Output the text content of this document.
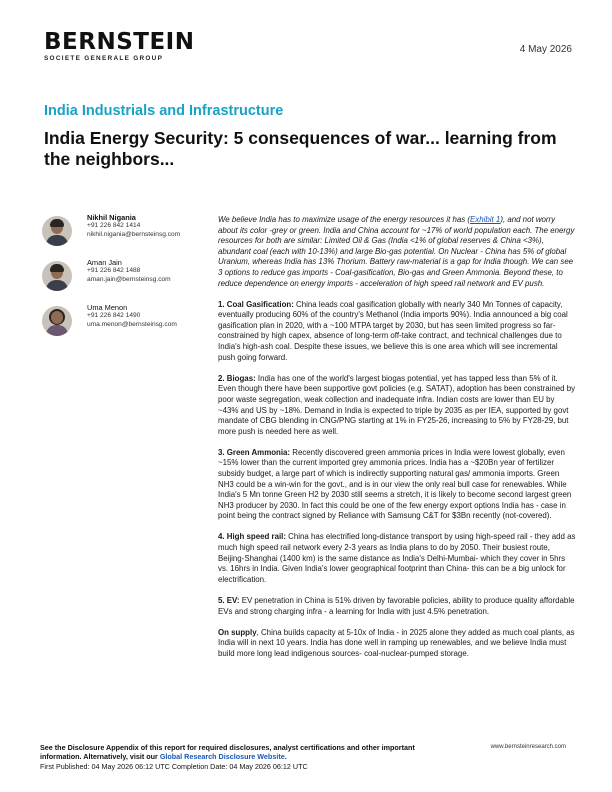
BERNSTEIN
SOCIETE GENERALE GROUP
4 May 2026
India Industrials and Infrastructure
India Energy Security: 5 consequences of war... learning from the neighbors...
Nikhil Nigania
+91 226 842 1414
nikhil.nigania@bernsteinsg.com
Aman Jain
+91 226 842 1488
aman.jain@bernsteinsg.com
Uma Menon
+91 226 842 1490
uma.menon@bernsteinsg.com
We believe India has to maximize usage of the energy resources it has (Exhibit 1), and not worry about its color -grey or green. India and China account for ~17% of world population each. The energy resources for both are similar: Limited Oil & Gas (India <1% of global reserves & China <3%), abundant coal (each with 10-13%) and large Bio-gas potential. On Nuclear - China has 5% of global Uranium, whereas India has 13% Thorium. Battery raw-material is a gap for India though. We can see 3 options to reduce gas imports - Coal-gasification, Bio-gas and Green Ammonia. Beyond these, to reduce dependence on energy imports - acceleration of high speed rail network and EV push.
1. Coal Gasification: China leads coal gasification globally with nearly 340 Mn Tonnes of capacity, eventually producing 60% of the country's Methanol (India imports 90%). India announced a big coal gasification plan in 2020, with a ~100 MTPA target by 2030, but has seen limited progress so far- constrained by high capex, absence of long-term off-take contract, and technical challenges due to India's high-ash coal. Despite these issues, we believe this is one area which will see incremental push going forward.
2. Biogas: India has one of the world's largest biogas potential, yet has tapped less than 5% of it. Even though there have been supportive govt policies (e.g. SATAT), adoption has been constrained by poor waste segregation, weak collection and inadequate infra. Indian costs are lower than EU by ~43% and US by ~18%. Demand in India is expected to triple by 2035 as per IEA, supported by govt mandate of CBG blending in CNG/PNG starting at 1% in FY25-26, increasing to 5% by FY28-29, but more push is needed here as well.
3. Green Ammonia: Recently discovered green ammonia prices in India were lowest globally, even ~15% lower than the current imported grey ammonia prices. India has a ~$20Bn year of fertilizer subsidy budget, a large part of which is indirectly supporting natural gas/ ammonia imports. Green NH3 could be a win-win for the govt., and is in our view the only real bull case for renewables. While India's 5 Mn tonne Green H2 by 2030 still seems a stretch, it is likely to become second largest green NH3 producer by 2030. In fact this could be one of the few energy export options India has - case in point being the contract signed by Reliance with Samsung C&T for $3Bn recently (not-covered).
4. High speed rail: China has electrified long-distance transport by using high-speed rail - they add as much high speed rail network every 2-3 years as India plans to do by 2050. Their busiest route, Beijing-Shanghai (1400 km) is the same distance as India's Delhi-Mumbai- which they cover in 5hrs vs. 16hrs in India. Given India's lower geographical footprint than China- this can be a big unlock for electrification.
5. EV: EV penetration in China is 51% driven by favorable policies, ability to produce quality affordable EVs and strong charging infra - a learning for India with just 4.5% penetration.
On supply, China builds capacity at 5-10x of India - in 2025 alone they added as much coal plants, as India will in next 10 years. India has done well in ramping up renewables, and we believe India must build more long lead indigenous sources- coal-nuclear-pumped storage.
See the Disclosure Appendix of this report for required disclosures, analyst certifications and other important information. Alternatively, visit our Global Research Disclosure Website.
First Published: 04 May 2026 06:12 UTC Completion Date: 04 May 2026 06:12 UTC
www.bernsteinresearch.com
